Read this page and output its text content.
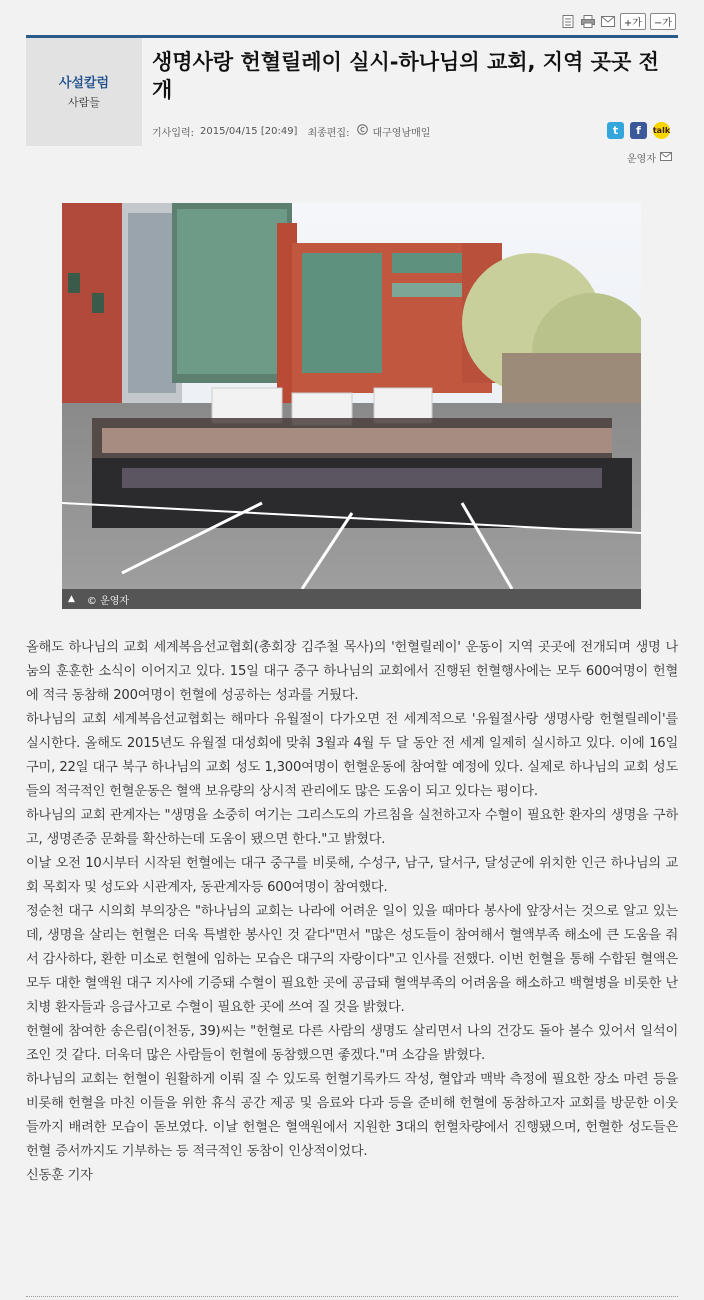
+가	−가
사설칼럼
사람들
생명사랑 헌혈릴레이 실시-하나님의 교회, 지역 곳곳 전개
기사입력: 2015/04/15 [20:49] 최종편집: 대구영남매일	t	f	talk
운영자
▲ © 운영자

올해도 하나님의 교회 세계복음선교협회(총회장 김주철 목사)의 '헌혈릴레이' 운동이 지역 곳곳에 전개되며 생명 나눔의 훈훈한 소식이 이어지고 있다. 15일 대구 중구 하나님의 교회에서 진행된 헌혈행사에는 모두 600여명이 헌혈에 적극 동참해 200여명이 헌혈에 성공하는 성과를 거뒀다.

하나님의 교회 세계복음선교협회는 해마다 유월절이 다가오면 전 세계적으로 '유월절사랑 생명사랑 헌혈릴레이'를 실시한다. 올해도 2015년도 유월절 대성회에 맞춰 3월과 4월 두 달 동안 전 세계 일제히 실시하고 있다. 이에 16일 구미, 22일 대구 북구 하나님의 교회 성도 1,300여명이 헌혈운동에 참여할 예정에 있다. 실제로 하나님의 교회 성도들의 적극적인 헌혈운동은 혈액 보유량의 상시적 관리에도 많은 도움이 되고 있다는 평이다.

하나님의 교회 관계자는 "생명을 소중히 여기는 그리스도의 가르침을 실천하고자 수혈이 필요한 환자의 생명을 구하고, 생명존중 문화를 확산하는데 도움이 됐으면 한다."고 밝혔다.

이날 오전 10시부터 시작된 헌혈에는 대구 중구를 비롯해, 수성구, 남구, 달서구, 달성군에 위치한 인근 하나님의 교회 목회자 및 성도와 시관계자, 동관계자등 600여명이 참여했다.

정순천 대구 시의회 부의장은 "하나님의 교회는 나라에 어려운 일이 있을 때마다 봉사에 앞장서는 것으로 알고 있는데, 생명을 살리는 헌혈은 더욱 특별한 봉사인 것 같다"면서 "많은 성도들이 참여해서 혈액부족 해소에 큰 도움을 줘서 감사하다, 환한 미소로 헌혈에 임하는 모습은 대구의 자랑이다"고 인사를 전했다. 이번 헌혈을 통해 수합된 혈액은 모두 대한 혈액원 대구 지사에 기증돼 수혈이 필요한 곳에 공급돼 혈액부족의 어려움을 해소하고 백혈병을 비롯한 난치병 환자들과 응급사고로 수혈이 필요한 곳에 쓰여 질 것을 밝혔다.

헌혈에 참여한 송은림(이천동, 39)씨는 "헌혈로 다른 사람의 생명도 살리면서 나의 건강도 돌아 볼수 있어서 일석이조인 것 같다. 더욱더 많은 사람들이 헌혈에 동참했으면 좋겠다."며 소감을 밝혔다.

하나님의 교회는 헌혈이 원활하게 이뤄 질 수 있도록 헌혈기록카드 작성, 혈압과 맥박 측정에 필요한 장소 마련 등을 비롯해 헌혈을 마친 이들을 위한 휴식 공간 제공 및 음료와 다과 등을 준비해 헌혈에 동참하고자 교회를 방문한 이웃들까지 배려한 모습이 돋보였다. 이날 헌혈은 혈액원에서 지원한 3대의 헌혈차량에서 진행됐으며, 헌혈한 성도들은 헌혈 증서까지도 기부하는 등 적극적인 동참이 인상적이었다.

신동훈 기자
